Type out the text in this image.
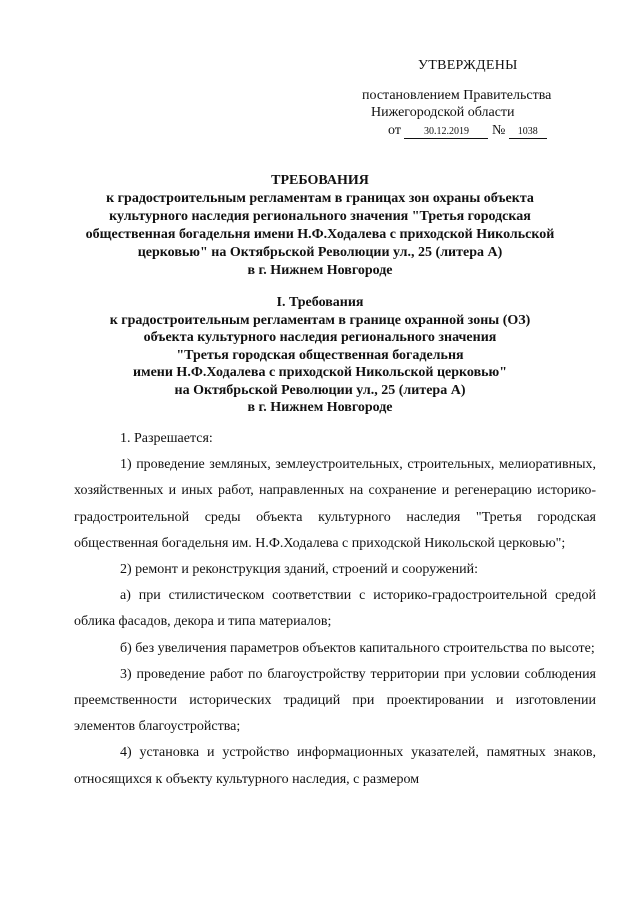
УТВЕРЖДЕНЫ
постановлением Правительства
Нижегородской области
от 30.12.2019 № 1038
ТРЕБОВАНИЯ
к градостроительным регламентам в границах зон охраны объекта
культурного наследия регионального значения "Третья городская
общественная богадельня имени Н.Ф.Ходалева с приходской Никольской
церковью" на Октябрьской Революции ул., 25 (литера А)
в г. Нижнем Новгороде
I. Требования
к градостроительным регламентам в границе охранной зоны (ОЗ)
объекта культурного наследия регионального значения
"Третья городская общественная богадельня
имени Н.Ф.Ходалева с приходской Никольской церковью"
на Октябрьской Революции ул., 25 (литера А)
в г. Нижнем Новгороде

1. Разрешается:

1) проведение земляных, землеустроительных, строительных, мелиоративных, хозяйственных и иных работ, направленных на сохранение и регенерацию историко-градостроительной среды объекта культурного наследия "Третья городская общественная богадельня им. Н.Ф.Ходалева с приходской Никольской церковью";

2) ремонт и реконструкция зданий, строений и сооружений:

а) при стилистическом соответствии с историко-градостроительной средой облика фасадов, декора и типа материалов;

б) без увеличения параметров объектов капитального строительства по высоте;

3) проведение работ по благоустройству территории при условии соблюдения преемственности исторических традиций при проектировании и изготовлении элементов благоустройства;

4) установка и устройство информационных указателей, памятных знаков, относящихся к объекту культурного наследия, с размером
